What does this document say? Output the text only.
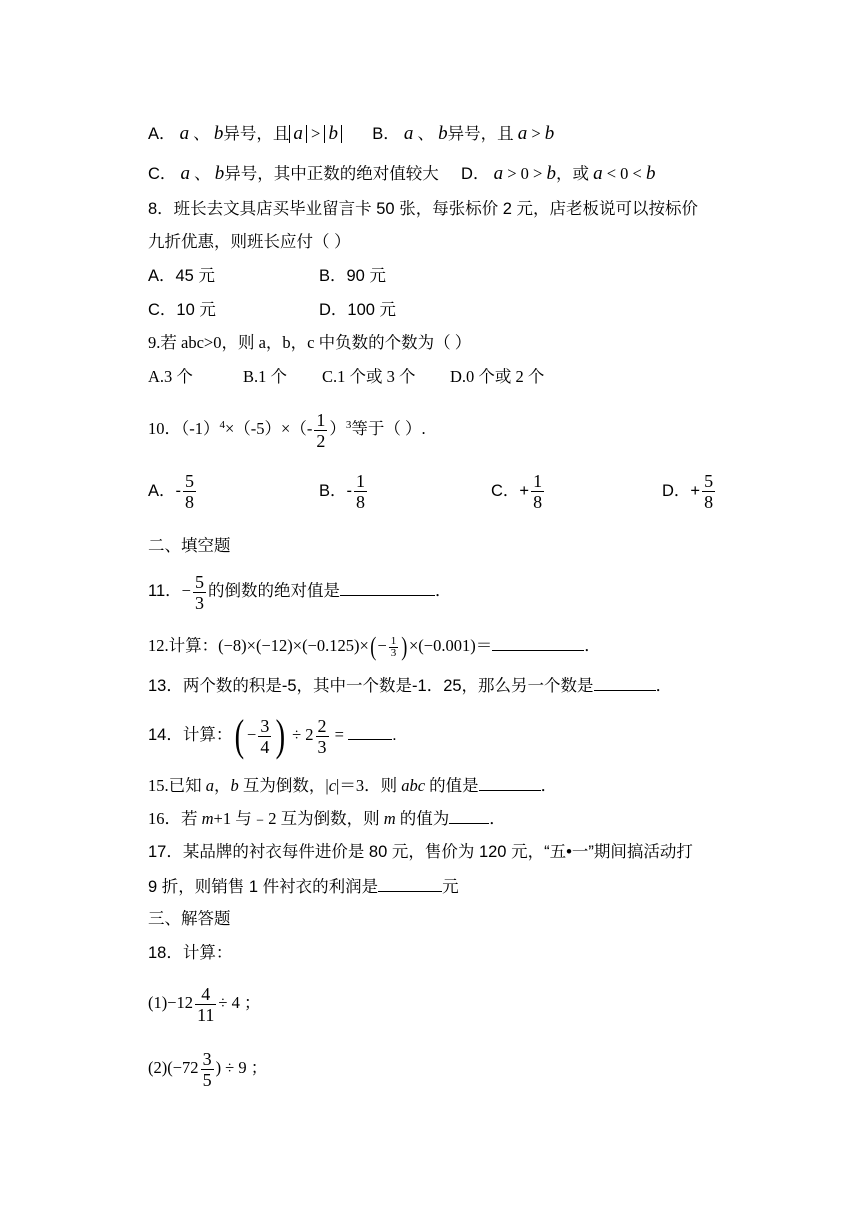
A． a 、 b异号，且 a > b B． a 、 b异号，且 a > b
C． a 、 b异号，其中正数的绝对值较大 D． a > 0 > b，或 a < 0 < b
8．班长去文具店买毕业留言卡 50 张，每张标价 2 元，店老板说可以按标价
九折优惠，则班长应付（ ）
A．45 元	B．90 元
C．10 元	D．100 元
9.若 abc>0，则 a，b，c 中负数的个数为（ ）
A.3 个	B.1 个 C.1 个或 3 个 D.0 个或 2 个
10．$(-1)^4\times(-5)\times(- \frac{1}{2} )^3$等于（ ）.
A．- $\frac{5}{8}$	B．- $\frac{1}{8}$	C．+ $\frac{1}{8}$	D．+ $\frac{5}{8}$
二、填空题
11．− $\frac{5}{3}$ 的倒数的绝对值是	．
12.计算：$(-8)\times(-12)\times(-0.125)\times(- \frac{1}{3} )\times(-0.001)=$	．
13．两个数的积是-5，其中一个数是-1．25，那么另一个数是	．
14．计算：( − $\frac{3}{4}$ ) ÷ $2 \frac{2}{3}$ =	.
15.已知 a，b 互为倒数，|c|＝3．则 abc 的值是	．
16．若 m+1 与﹣2 互为倒数，则 m 的值为 ．
17．某品牌的衬衣每件进价是 80 元，售价为 120 元，“五•一”期间搞活动打
9 折，则销售 1 件衬衣的利润是	元
三、解答题
18．计算：
$(1)-12 \frac{4}{11} \div 4$ ；
$(2)(-72 \frac{3}{5}$ ) ÷ 9 ；
